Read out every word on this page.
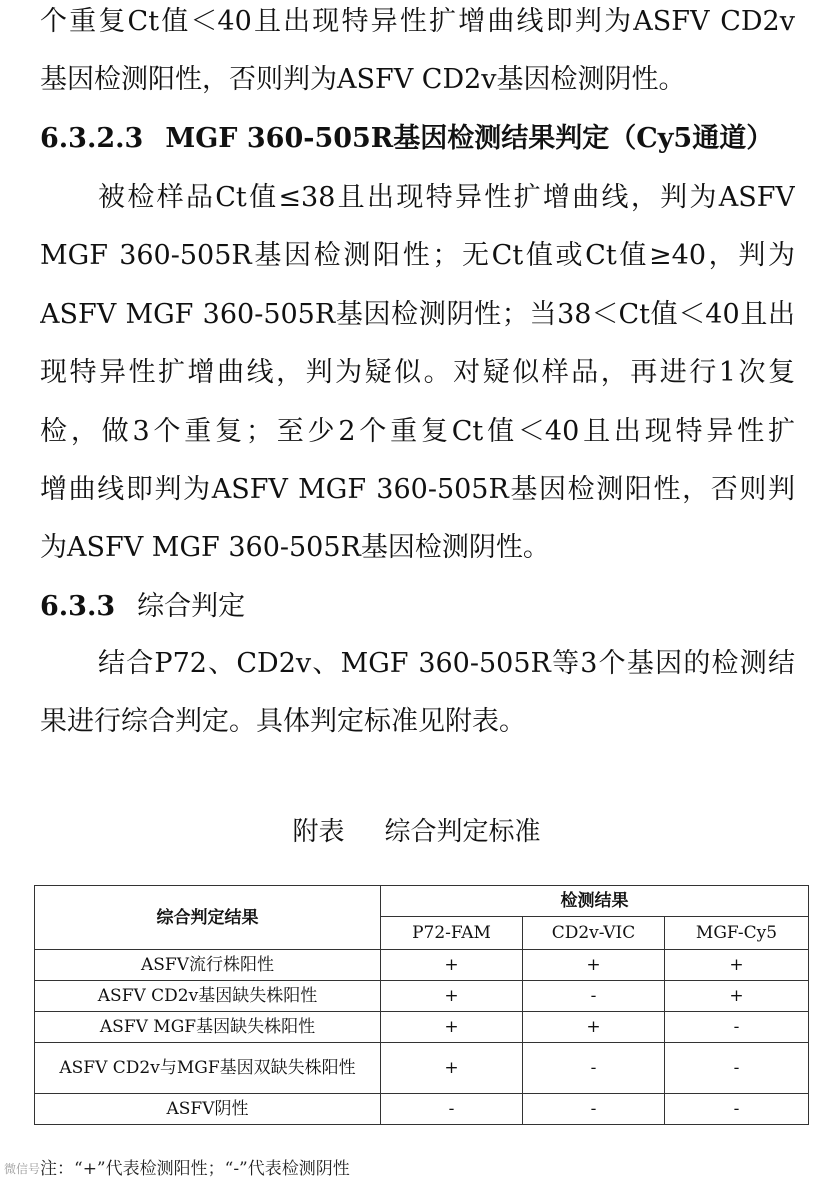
个重复Ct值＜40且出现特异性扩增曲线即判为ASFV CD2v
基因检测阳性，否则判为ASFV CD2v基因检测阴性。
6.3.2.3 MGF 360-505R基因检测结果判定（Cy5通道）
被检样品Ct值≤38且出现特异性扩增曲线，判为ASFV
MGF 360-505R基因检测阳性；无Ct值或Ct值≥40，判为
ASFV MGF 360-505R基因检测阴性；当38＜Ct值＜40且出
现特异性扩增曲线，判为疑似。对疑似样品，再进行1次复
检，做3个重复；至少2个重复Ct值＜40且出现特异性扩
增曲线即判为ASFV MGF 360-505R基因检测阳性，否则判
为ASFV MGF 360-505R基因检测阴性。
6.3.3 综合判定
结合P72、CD2v、MGF 360-505R等3个基因的检测结
果进行综合判定。具体判定标准见附表。
附表 综合判定标准
综合判定结果	检测结果		
	P72-FAM	CD2v-VIC	MGF-Cy5
ASFV流行株阳性	+	+	+
ASFV CD2v基因缺失株阳性	+	-	+
ASFV MGF基因缺失株阳性	+	+	-
ASFV CD2v与MGF基因双缺失株阳性	+	-	-
ASFV阴性	-	-	-
注：“+”代表检测阳性；“-”代表检测阴性
微信号
